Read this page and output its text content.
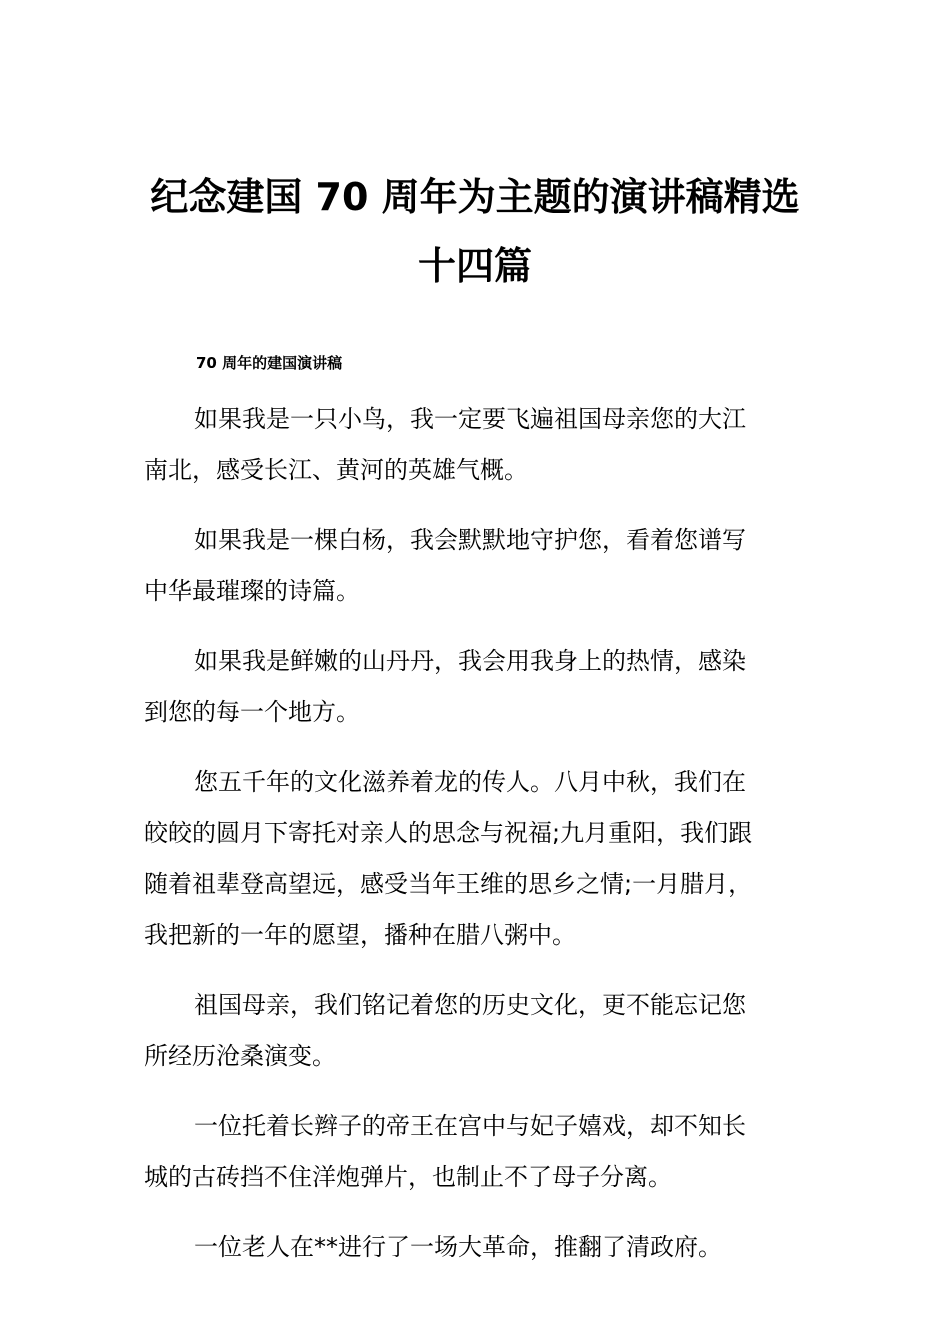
纪念建国 70 周年为主题的演讲稿精选
十四篇
70 周年的建国演讲稿

如果我是一只小鸟，我一定要飞遍祖国母亲您的大江
南北，感受长江、黄河的英雄气概。

如果我是一棵白杨，我会默默地守护您，看着您谱写
中华最璀璨的诗篇。

如果我是鲜嫩的山丹丹，我会用我身上的热情，感染
到您的每一个地方。

您五千年的文化滋养着龙的传人。八月中秋，我们在
皎皎的圆月下寄托对亲人的思念与祝福;九月重阳，我们跟
随着祖辈登高望远，感受当年王维的思乡之情;一月腊月，
我把新的一年的愿望，播种在腊八粥中。

祖国母亲，我们铭记着您的历史文化，更不能忘记您
所经历沧桑演变。

一位托着长辫子的帝王在宫中与妃子嬉戏，却不知长
城的古砖挡不住洋炮弹片，也制止不了母子分离。

一位老人在**进行了一场大革命，推翻了清政府。
